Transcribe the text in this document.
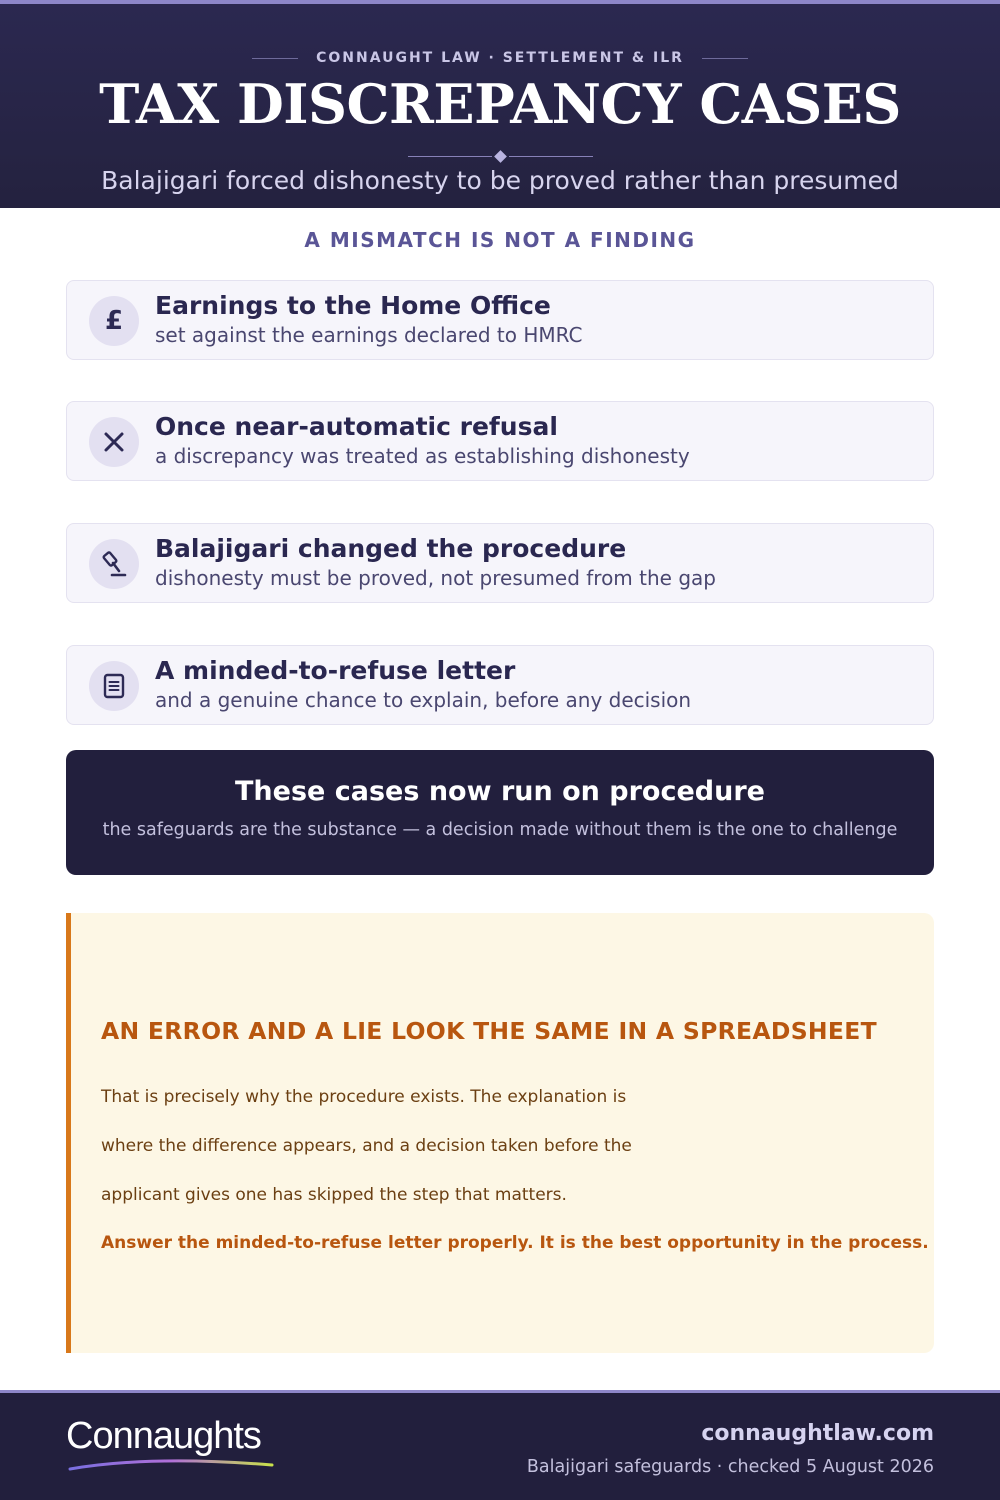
CONNAUGHT LAW · SETTLEMENT & ILR
TAX DISCREPANCY CASES
Balajigari forced dishonesty to be proved rather than presumed
A MISMATCH IS NOT A FINDING
£
Earnings to the Home Office
set against the earnings declared to HMRC
Once near-automatic refusal
a discrepancy was treated as establishing dishonesty
Balajigari changed the procedure
dishonesty must be proved, not presumed from the gap
A minded-to-refuse letter
and a genuine chance to explain, before any decision
These cases now run on procedure
the safeguards are the substance — a decision made without them is the one to challenge
AN ERROR AND A LIE LOOK THE SAME IN A SPREADSHEET
That is precisely why the procedure exists. The explanation is
where the difference appears, and a decision taken before the
applicant gives one has skipped the step that matters.
Answer the minded-to-refuse letter properly. It is the best opportunity in the process.
Connaughts	connaughtlaw.com
Balajigari safeguards · checked 5 August 2026
